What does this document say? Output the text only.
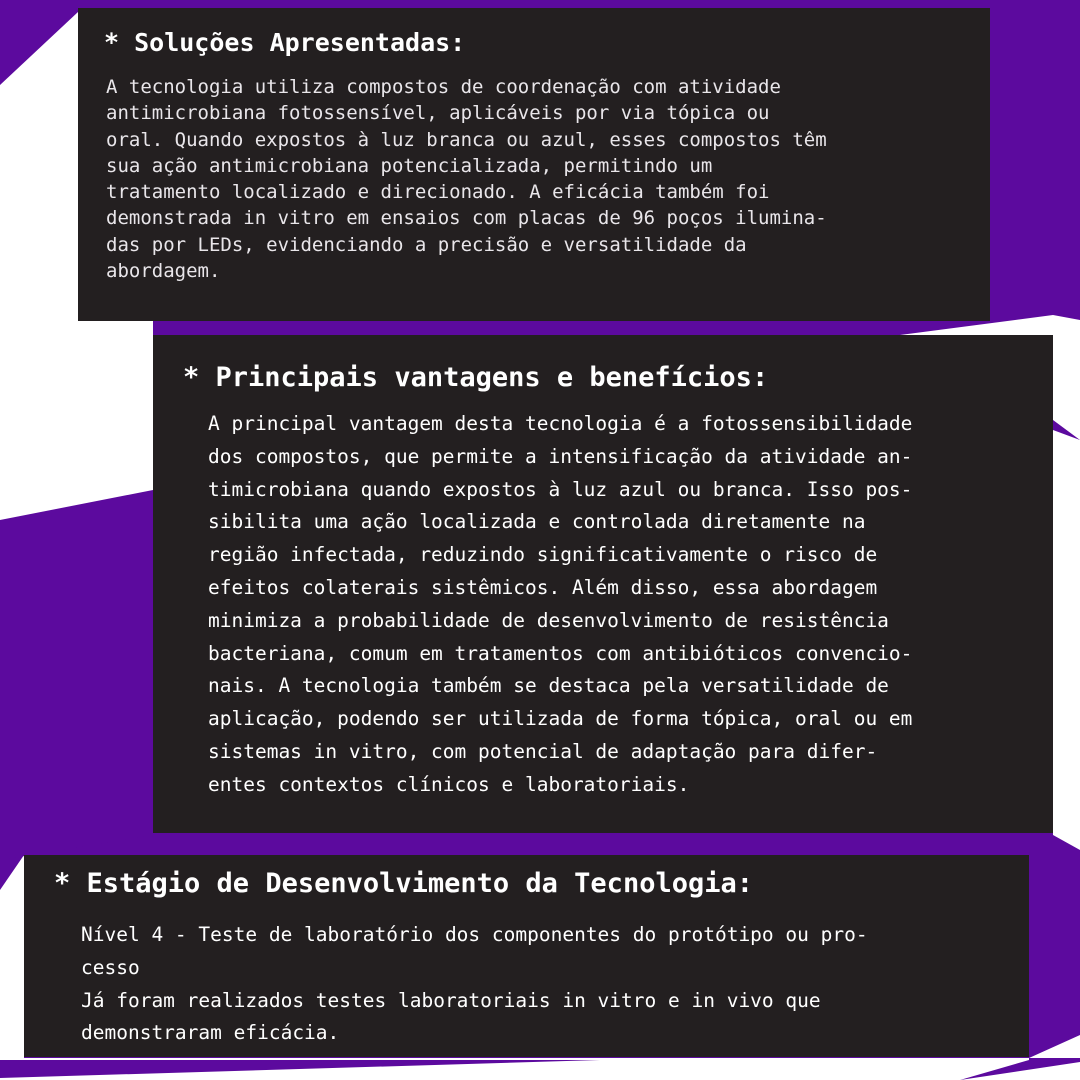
* Soluções Apresentadas:

A tecnologia utiliza compostos de coordenação com atividade
antimicrobiana fotossensível, aplicáveis por via tópica ou
oral. Quando expostos à luz branca ou azul, esses compostos têm
sua ação antimicrobiana potencializada, permitindo um
tratamento localizado e direcionado. A eficácia também foi
demonstrada in vitro em ensaios com placas de 96 poços ilumina-
das por LEDs, evidenciando a precisão e versatilidade da
abordagem.

* Principais vantagens e benefícios:

A principal vantagem desta tecnologia é a fotossensibilidade
dos compostos, que permite a intensificação da atividade an-
timicrobiana quando expostos à luz azul ou branca. Isso pos-
sibilita uma ação localizada e controlada diretamente na
região infectada, reduzindo significativamente o risco de
efeitos colaterais sistêmicos. Além disso, essa abordagem
minimiza a probabilidade de desenvolvimento de resistência
bacteriana, comum em tratamentos com antibióticos convencio-
nais. A tecnologia também se destaca pela versatilidade de
aplicação, podendo ser utilizada de forma tópica, oral ou em
sistemas in vitro, com potencial de adaptação para difer-
entes contextos clínicos e laboratoriais.

* Estágio de Desenvolvimento da Tecnologia:

Nível 4 - Teste de laboratório dos componentes do protótipo ou pro-
cesso
Já foram realizados testes laboratoriais in vitro e in vivo que
demonstraram eficácia.
